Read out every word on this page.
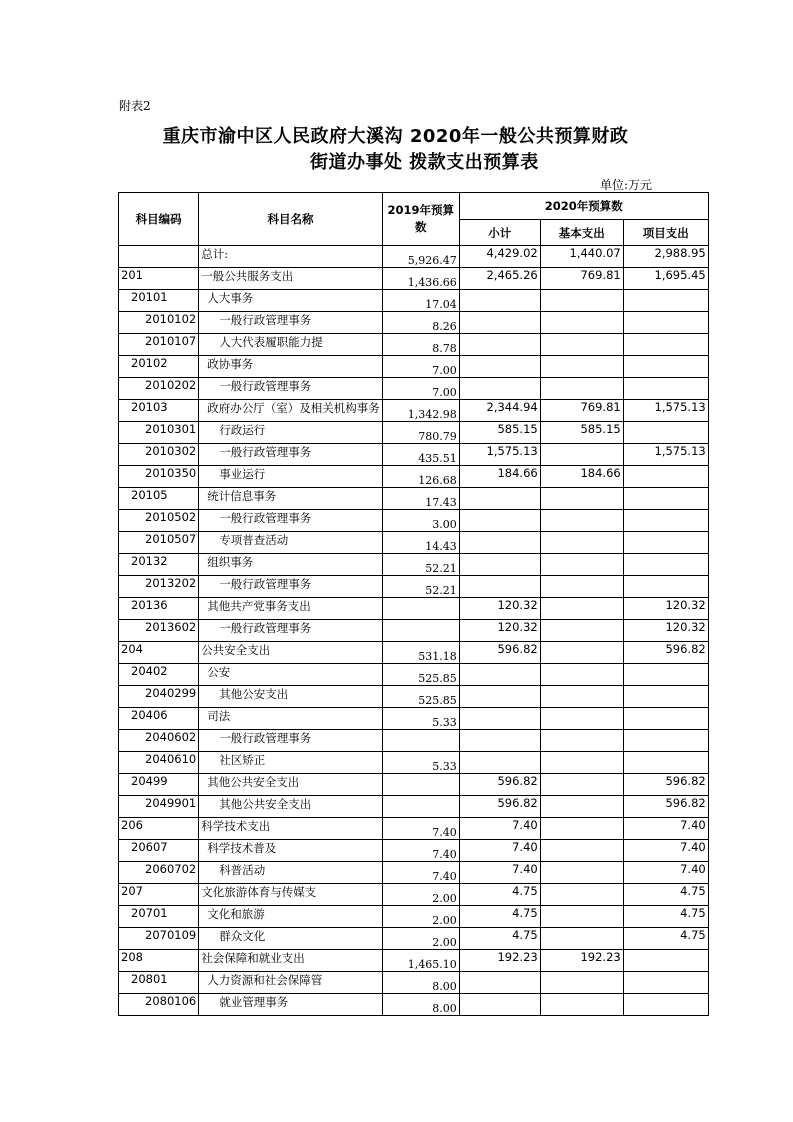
附表2
重庆市渝中区人民政府大溪沟 2020年一般公共预算财政
街道办事处 拨款支出预算表
单位:万元
科目编码	科目名称	2019年预算数	2020年预算数		
			小计	基本支出	项目支出
	总计:	5,926.47	4,429.02	1,440.07	2,988.95
201	一般公共服务支出	1,436.66	2,465.26	769.81	1,695.45
20101	人大事务	17.04			
2010102	一般行政管理事务	8.26			
2010107	人大代表履职能力提	8.78			
20102	政协事务	7.00			
2010202	一般行政管理事务	7.00			
20103	政府办公厅（室）及相关机构事务	1,342.98	2,344.94	769.81	1,575.13
2010301	行政运行	780.79	585.15	585.15	
2010302	一般行政管理事务	435.51	1,575.13		1,575.13
2010350	事业运行	126.68	184.66	184.66	
20105	统计信息事务	17.43			
2010502	一般行政管理事务	3.00			
2010507	专项普查活动	14.43			
20132	组织事务	52.21			
2013202	一般行政管理事务	52.21			
20136	其他共产党事务支出		120.32		120.32
2013602	一般行政管理事务		120.32		120.32
204	公共安全支出	531.18	596.82		596.82
20402	公安	525.85			
2040299	其他公安支出	525.85			
20406	司法	5.33			
2040602	一般行政管理事务				
2040610	社区矫正	5.33			
20499	其他公共安全支出		596.82		596.82
2049901	其他公共安全支出		596.82		596.82
206	科学技术支出	7.40	7.40		7.40
20607	科学技术普及	7.40	7.40		7.40
2060702	科普活动	7.40	7.40		7.40
207	文化旅游体育与传媒支	2.00	4.75		4.75
20701	文化和旅游	2.00	4.75		4.75
2070109	群众文化	2.00	4.75		4.75
208	社会保障和就业支出	1,465.10	192.23	192.23	
20801	人力资源和社会保障管	8.00			
2080106	就业管理事务	8.00			
